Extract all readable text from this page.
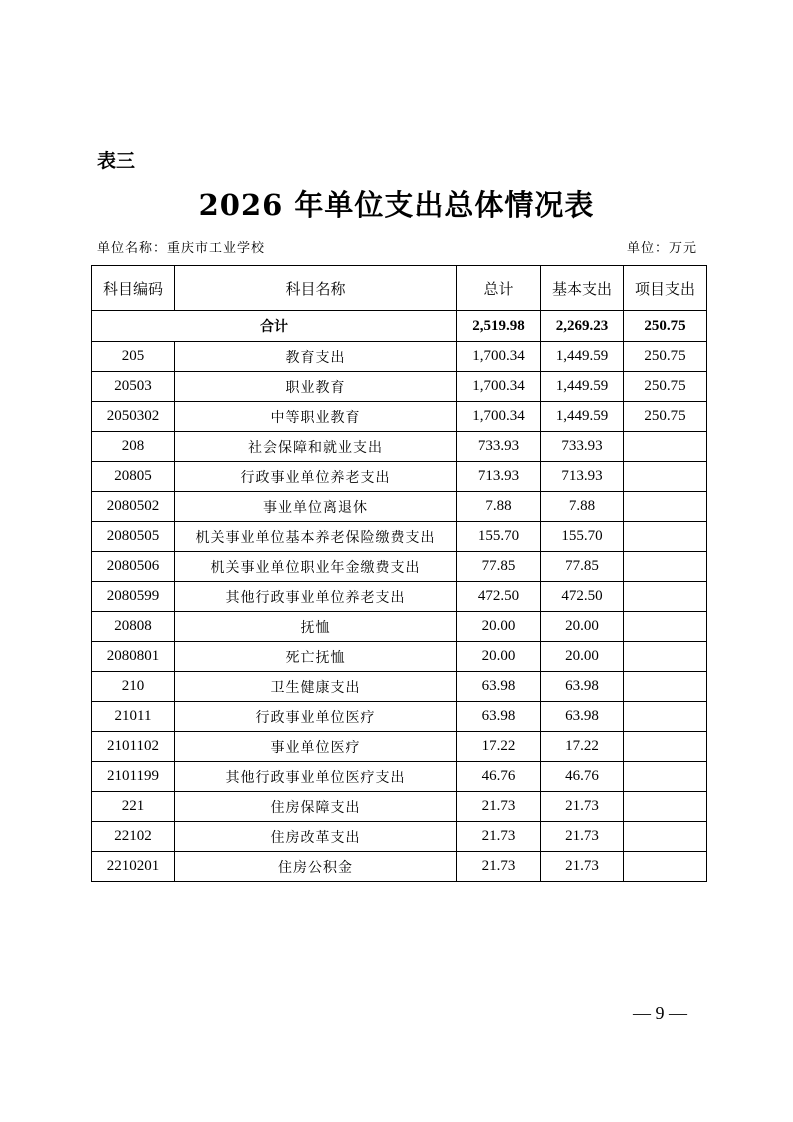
表三
2026 年单位支出总体情况表
单位名称：重庆市工业学校	单位：万元
科目编码	科目名称	总计	基本支出	项目支出
合计		2,519.98	2,269.23	250.75
205	教育支出	1,700.34	1,449.59	250.75
20503	职业教育	1,700.34	1,449.59	250.75
2050302	中等职业教育	1,700.34	1,449.59	250.75
208	社会保障和就业支出	733.93	733.93	
20805	行政事业单位养老支出	713.93	713.93	
2080502	事业单位离退休	7.88	7.88	
2080505	机关事业单位基本养老保险缴费支出	155.70	155.70	
2080506	机关事业单位职业年金缴费支出	77.85	77.85	
2080599	其他行政事业单位养老支出	472.50	472.50	
20808	抚恤	20.00	20.00	
2080801	死亡抚恤	20.00	20.00	
210	卫生健康支出	63.98	63.98	
21011	行政事业单位医疗	63.98	63.98	
2101102	事业单位医疗	17.22	17.22	
2101199	其他行政事业单位医疗支出	46.76	46.76	
221	住房保障支出	21.73	21.73	
22102	住房改革支出	21.73	21.73	
2210201	住房公积金	21.73	21.73	
— 9 —
